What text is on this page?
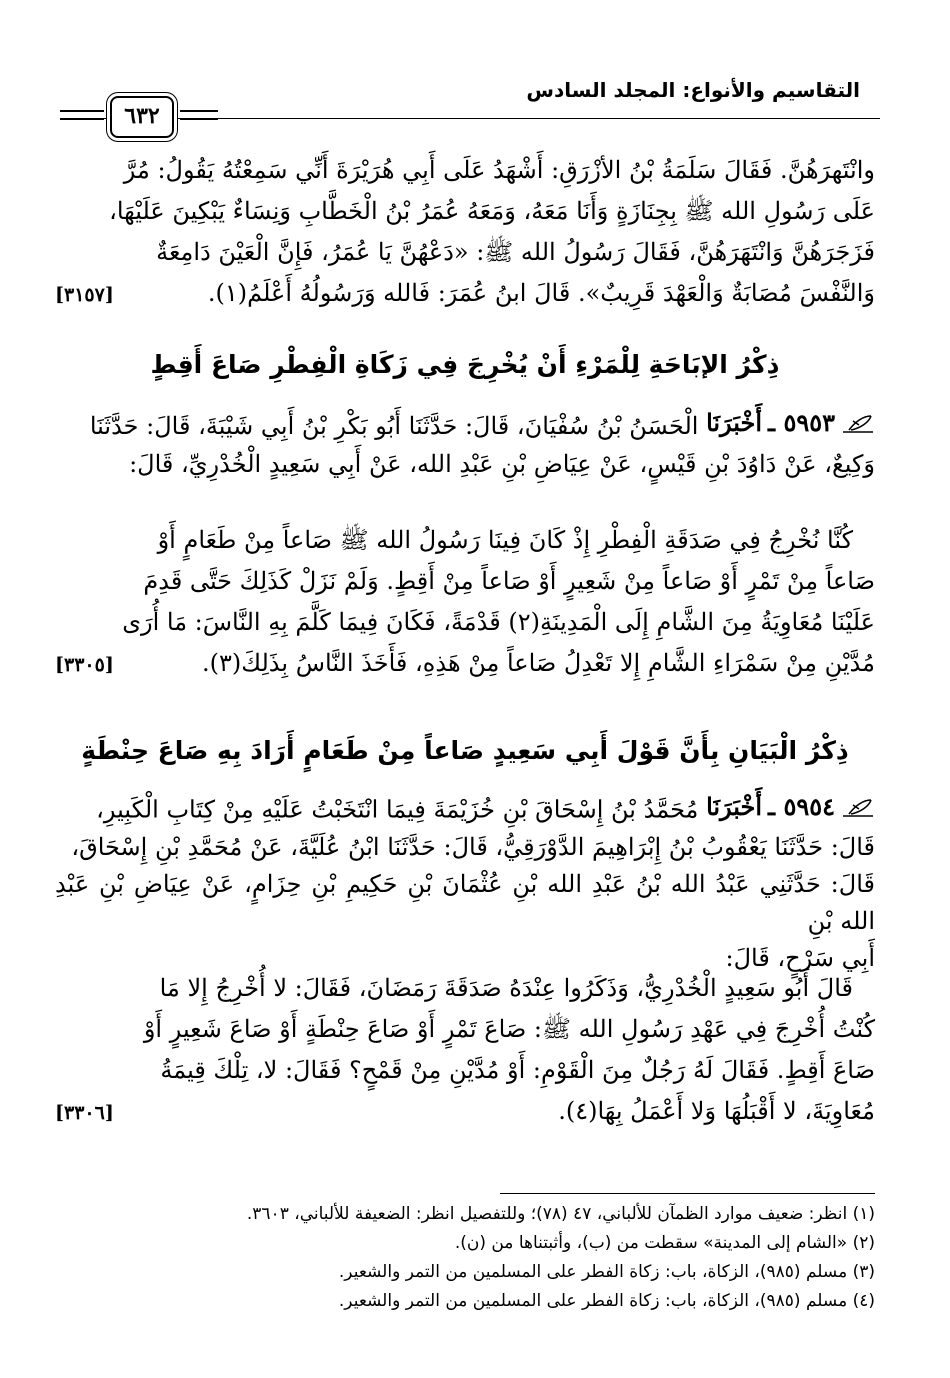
التقاسيم والأنواع: المجلد السادس
٦٣٢

وانْتَهرَهُنَّ. فَقَالَ سَلَمَةُ بْنُ الأزْرَقِ: أَشْهَدُ عَلَى أَبِي هُرَيْرَةَ أَنِّي سَمِعْتُهُ يَقُولُ: مُرَّ

عَلَى رَسُولِ الله ﷺ بِجِنَازَةٍ وَأَنَا مَعَهُ، وَمَعَهُ عُمَرُ بْنُ الْخَطَّابِ وَنِسَاءٌ يَبْكِينَ عَلَيْهَا،

فَزَجَرَهُنَّ وَانْتَهَرَهُنَّ، فَقَالَ رَسُولُ الله ﷺ: «دَعْهُنَّ يَا عُمَرُ، فَإِنَّ الْعَيْنَ دَامِعَةٌ

وَالنَّفْسَ مُصَابَةٌ وَالْعَهْدَ قَرِيبٌ». قَالَ ابنُ عُمَرَ: فَالله وَرَسُولُهُ أَعْلَمُ(١).

[٣١٥٧]

ذِكْرُ الإبَاحَةِ لِلْمَرْءِ أَنْ يُخْرِجَ فِي زَكَاةِ الْفِطْرِ صَاعَ أَقِطٍ

٥٩٥٣ ـ
أَخْبَرَنَا
الْحَسَنُ بْنُ سُفْيَانَ، قَالَ: حَدَّثَنَا أَبُو بَكْرِ بْنُ أَبِي شَيْبَةَ، قَالَ: حَدَّثَنَا

وَكِيعٌ، عَنْ دَاوُدَ بْنِ قَيْسٍ، عَنْ عِيَاضِ بْنِ عَبْدِ الله، عَنْ أَبِي سَعِيدٍ الْخُدْرِيِّ، قَالَ:

كُنَّا نُخْرِجُ فِي صَدَقَةِ الْفِطْرِ إِذْ كَانَ فِينَا رَسُولُ الله ﷺ صَاعاً مِنْ طَعَامٍ أَوْ

صَاعاً مِنْ تَمْرٍ أَوْ صَاعاً مِنْ شَعِيرٍ أَوْ صَاعاً مِنْ أَقِطٍ. وَلَمْ نَزَلْ كَذَلِكَ حَتَّى قَدِمَ

عَلَيْنَا مُعَاوِيَةُ مِنَ الشَّامِ إِلَى الْمَدِينَةِ(٢) قَدْمَةً، فَكَانَ فِيمَا كَلَّمَ بِهِ النَّاسَ: مَا أُرَى

مُدَّيْنِ مِنْ سَمْرَاءِ الشَّامِ إِلا تَعْدِلُ صَاعاً مِنْ هَذِهِ، فَأَخَذَ النَّاسُ بِذَلِكَ(٣).

[٣٣٠٥]

ذِكْرُ الْبَيَانِ بِأَنَّ قَوْلَ أَبِي سَعِيدٍ صَاعاً مِنْ طَعَامٍ أَرَادَ بِهِ صَاعَ حِنْطَةٍ

٥٩٥٤ ـ
أَخْبَرَنَا
مُحَمَّدُ بْنُ إِسْحَاقَ بْنِ خُزَيْمَةَ فِيمَا انْتَخَبْتُ عَلَيْهِ مِنْ كِتَابِ الْكَبِيرِ،

قَالَ: حَدَّثَنَا يَعْقُوبُ بْنُ إِبْرَاهِيمَ الدَّوْرَقِيُّ، قَالَ: حَدَّثَنَا ابْنُ عُلَيَّةَ، عَنْ مُحَمَّدِ بْنِ إِسْحَاقَ،

قَالَ: حَدَّثَنِي عَبْدُ الله بْنُ عَبْدِ الله بْنِ عُثْمَانَ بْنِ حَكِيمِ بْنِ حِزَامٍ، عَنْ عِيَاضِ بْنِ عَبْدِ الله بْنِ

أَبِي سَرْحٍ، قَالَ:

قَالَ أَبُو سَعِيدٍ الْخُدْرِيُّ، وَذَكَرُوا عِنْدَهُ صَدَقَةَ رَمَضَانَ، فَقَالَ: لا أُخْرِجُ إِلا مَا

كُنْتُ أُخْرِجَ فِي عَهْدِ رَسُولِ الله ﷺ: صَاعَ تَمْرٍ أَوْ صَاعَ حِنْطَةٍ أَوْ صَاعَ شَعِيرٍ أَوْ

صَاعَ أَقِطٍ. فَقَالَ لَهُ رَجُلٌ مِنَ الْقَوْمِ: أَوْ مُدَّيْنِ مِنْ قَمْحٍ؟ فَقَالَ: لا، تِلْكَ قِيمَةُ

مُعَاوِيَةَ، لا أَقْبَلُهَا وَلا أَعْمَلُ بِهَا(٤).

[٣٣٠٦]

(١) انظر: ضعيف موارد الظمآن للألباني، ٤٧ (٧٨)؛ وللتفصيل انظر: الضعيفة للألباني، ٣٦٠٣.

(٢) «الشام إلى المدينة» سقطت من (ب)، وأثبتناها من (ن).

(٣) مسلم (٩٨٥)، الزكاة، باب: زكاة الفطر على المسلمين من التمر والشعير.

(٤) مسلم (٩٨٥)، الزكاة، باب: زكاة الفطر على المسلمين من التمر والشعير.
